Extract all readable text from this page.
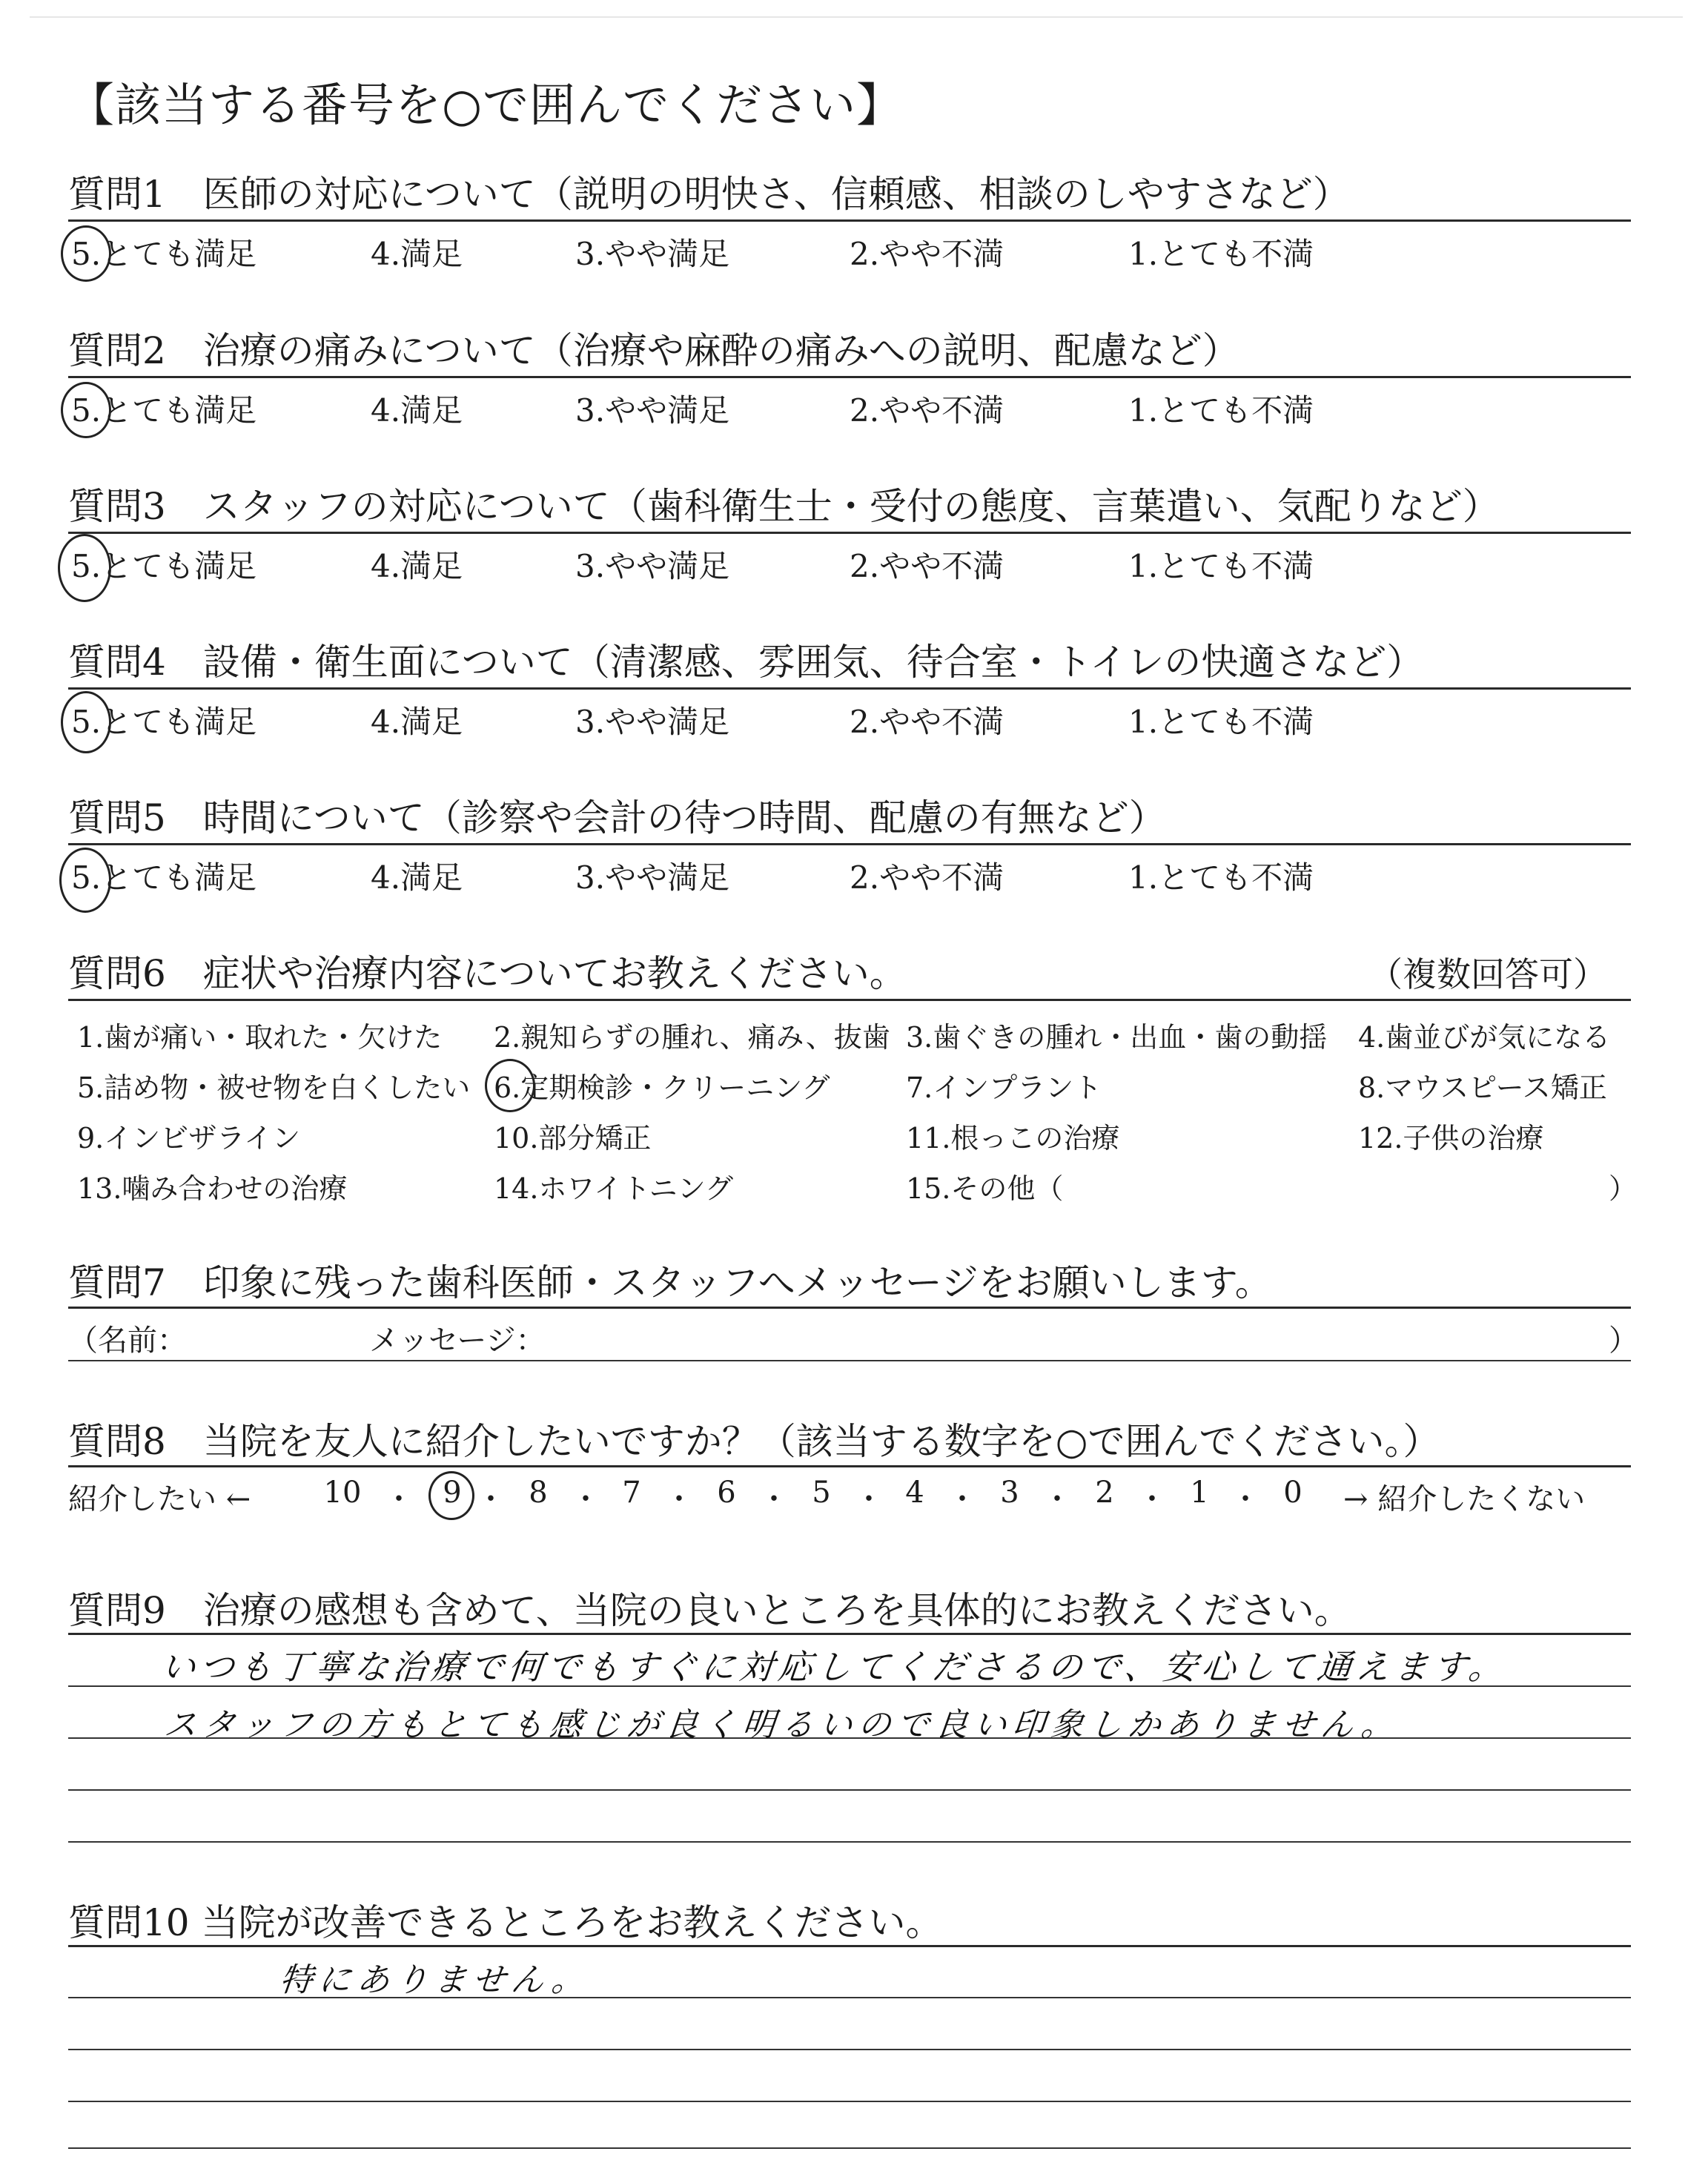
【該当する番号を○で囲んでください】
質問1　医師の対応について（説明の明快さ、信頼感、相談のしやすさなど）
5.とても満足	4.満足	3.やや満足	2.やや不満	1.とても不満
質問2　治療の痛みについて（治療や麻酔の痛みへの説明、配慮など）
5.とても満足	4.満足	3.やや満足	2.やや不満	1.とても不満
質問3　スタッフの対応について（歯科衛生士・受付の態度、言葉遣い、気配りなど）
5.とても満足	4.満足	3.やや満足	2.やや不満	1.とても不満
質問4　設備・衛生面について（清潔感、雰囲気、待合室・トイレの快適さなど）
5.とても満足	4.満足	3.やや満足	2.やや不満	1.とても不満
質問5　時間について（診察や会計の待つ時間、配慮の有無など）
5.とても満足	4.満足	3.やや満足	2.やや不満	1.とても不満
質問6　症状や治療内容についてお教えください。	（複数回答可）
1.歯が痛い・取れた・欠けた 2.親知らずの腫れ、痛み、抜歯 3.歯ぐきの腫れ・出血・歯の動揺 4.歯並びが気になる
5.詰め物・被せ物を白くしたい 6.定期検診・クリーニング	7.インプラント	8.マウスピース矯正
9.インビザライン	10.部分矯正	11.根っこの治療	12.子供の治療
13.噛み合わせの治療	14.ホワイトニング	15.その他（	）
質問7　印象に残った歯科医師・スタッフへメッセージをお願いします。
（名前：	メッセージ：	）
質問8　当院を友人に紹介したいですか？（該当する数字を○で囲んでください。）
紹介したい ←	→ 紹介したくない
10 ・ 9 ・ 8 ・ 7 ・ 6 ・ 5 ・ 4 ・ 3 ・ 2 ・ 1 ・ 0
質問9　治療の感想も含めて、当院の良いところを具体的にお教えください。
いつも丁寧な治療で何でもすぐに対応してくださるので、安心して通えます。
スタッフの方もとても感じが良く明るいので良い印象しかありません。
質問10 当院が改善できるところをお教えください。
特にありません。
